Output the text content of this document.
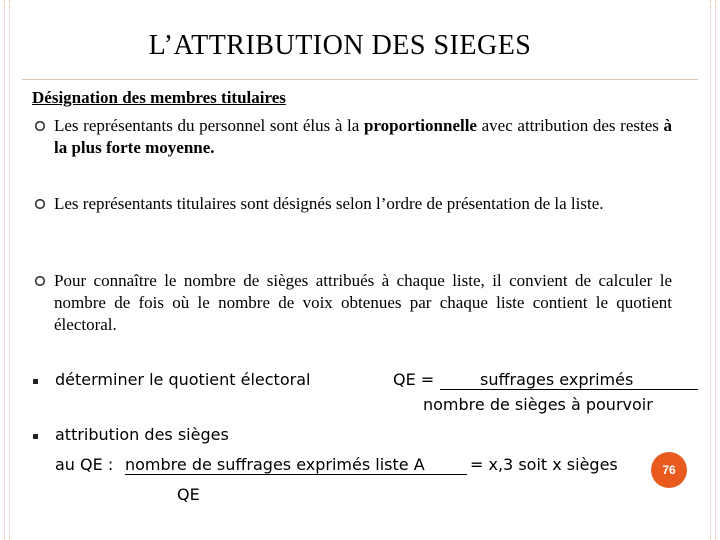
L’ATTRIBUTION DES SIEGES
Désignation des membres titulaires
Les représentants du personnel sont élus à la proportionnelle avec attribution des restes à la plus forte moyenne.
Les représentants titulaires sont désignés selon l’ordre de présentation de la liste.
Pour connaître le nombre de sièges attribués à chaque liste, il convient de calculer le nombre de fois où le nombre de voix obtenues par chaque liste contient le quotient électoral.
déterminer le quotient électoral	QE =	suffrages exprimés
nombre de sièges à pourvoir
attribution des sièges
au QE : nombre de suffrages exprimés liste A	= x,3 soit x sièges
QE
76
